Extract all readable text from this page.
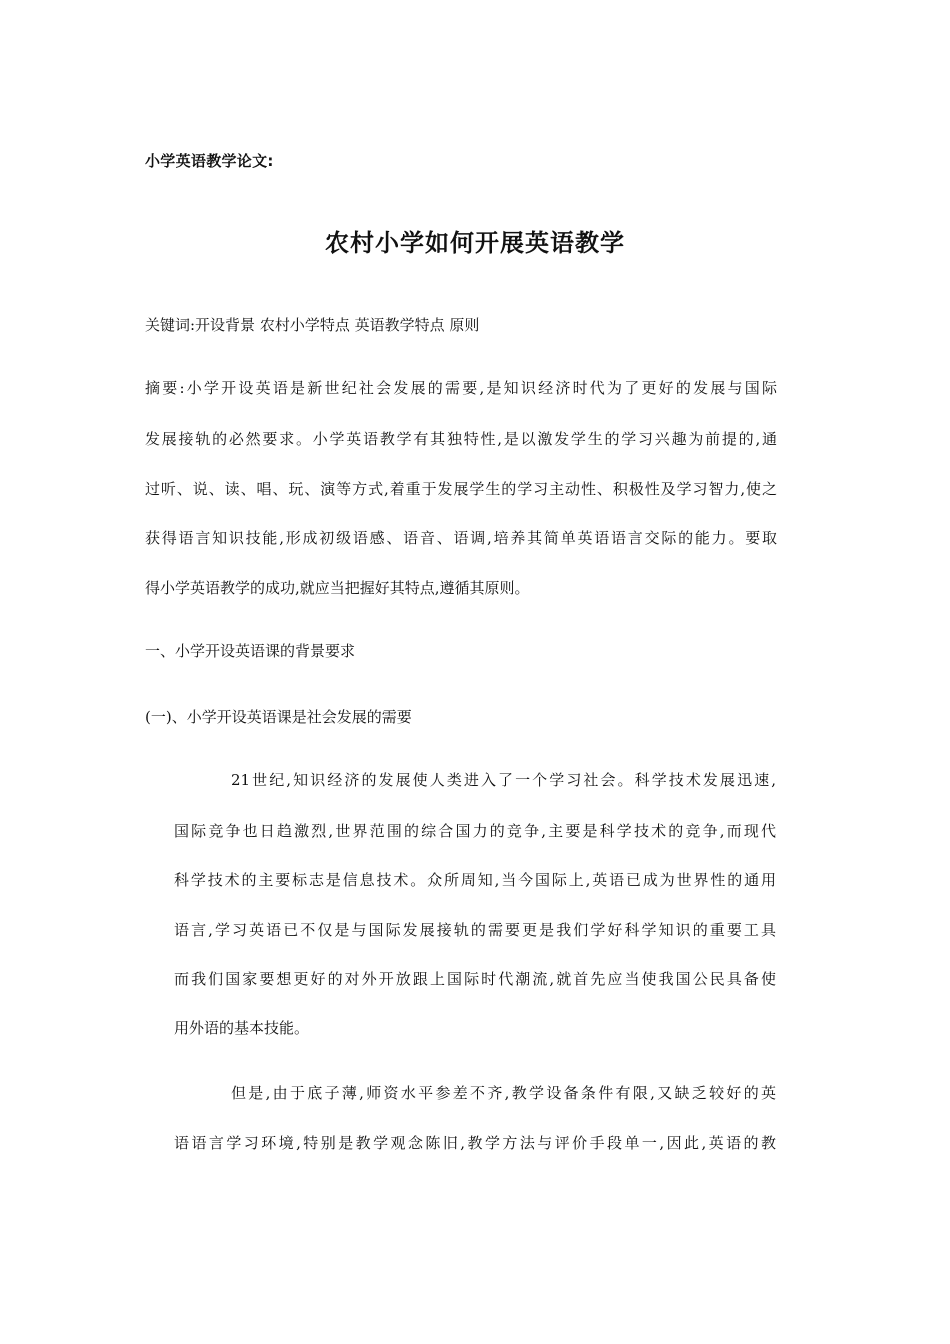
小学英语教学论文:
农村小学如何开展英语教学
关键词:开设背景 农村小学特点 英语教学特点 原则
摘要:小学开设英语是新世纪社会发展的需要,是知识经济时代为了更好的发展与国际
发展接轨的必然要求。小学英语教学有其独特性,是以激发学生的学习兴趣为前提的,通
过听、说、读、唱、玩、演等方式,着重于发展学生的学习主动性、积极性及学习智力,使之
获得语言知识技能,形成初级语感、语音、语调,培养其简单英语语言交际的能力。要取
得小学英语教学的成功,就应当把握好其特点,遵循其原则。
一、小学开设英语课的背景要求
(一)、小学开设英语课是社会发展的需要
21世纪,知识经济的发展使人类进入了一个学习社会。科学技术发展迅速,
国际竞争也日趋激烈,世界范围的综合国力的竞争,主要是科学技术的竞争,而现代
科学技术的主要标志是信息技术。众所周知,当今国际上,英语已成为世界性的通用
语言,学习英语已不仅是与国际发展接轨的需要更是我们学好科学知识的重要工具
而我们国家要想更好的对外开放跟上国际时代潮流,就首先应当使我国公民具备使
用外语的基本技能。
但是,由于底子薄,师资水平参差不齐,教学设备条件有限,又缺乏较好的英
语语言学习环境,特别是教学观念陈旧,教学方法与评价手段单一,因此,英语的教
